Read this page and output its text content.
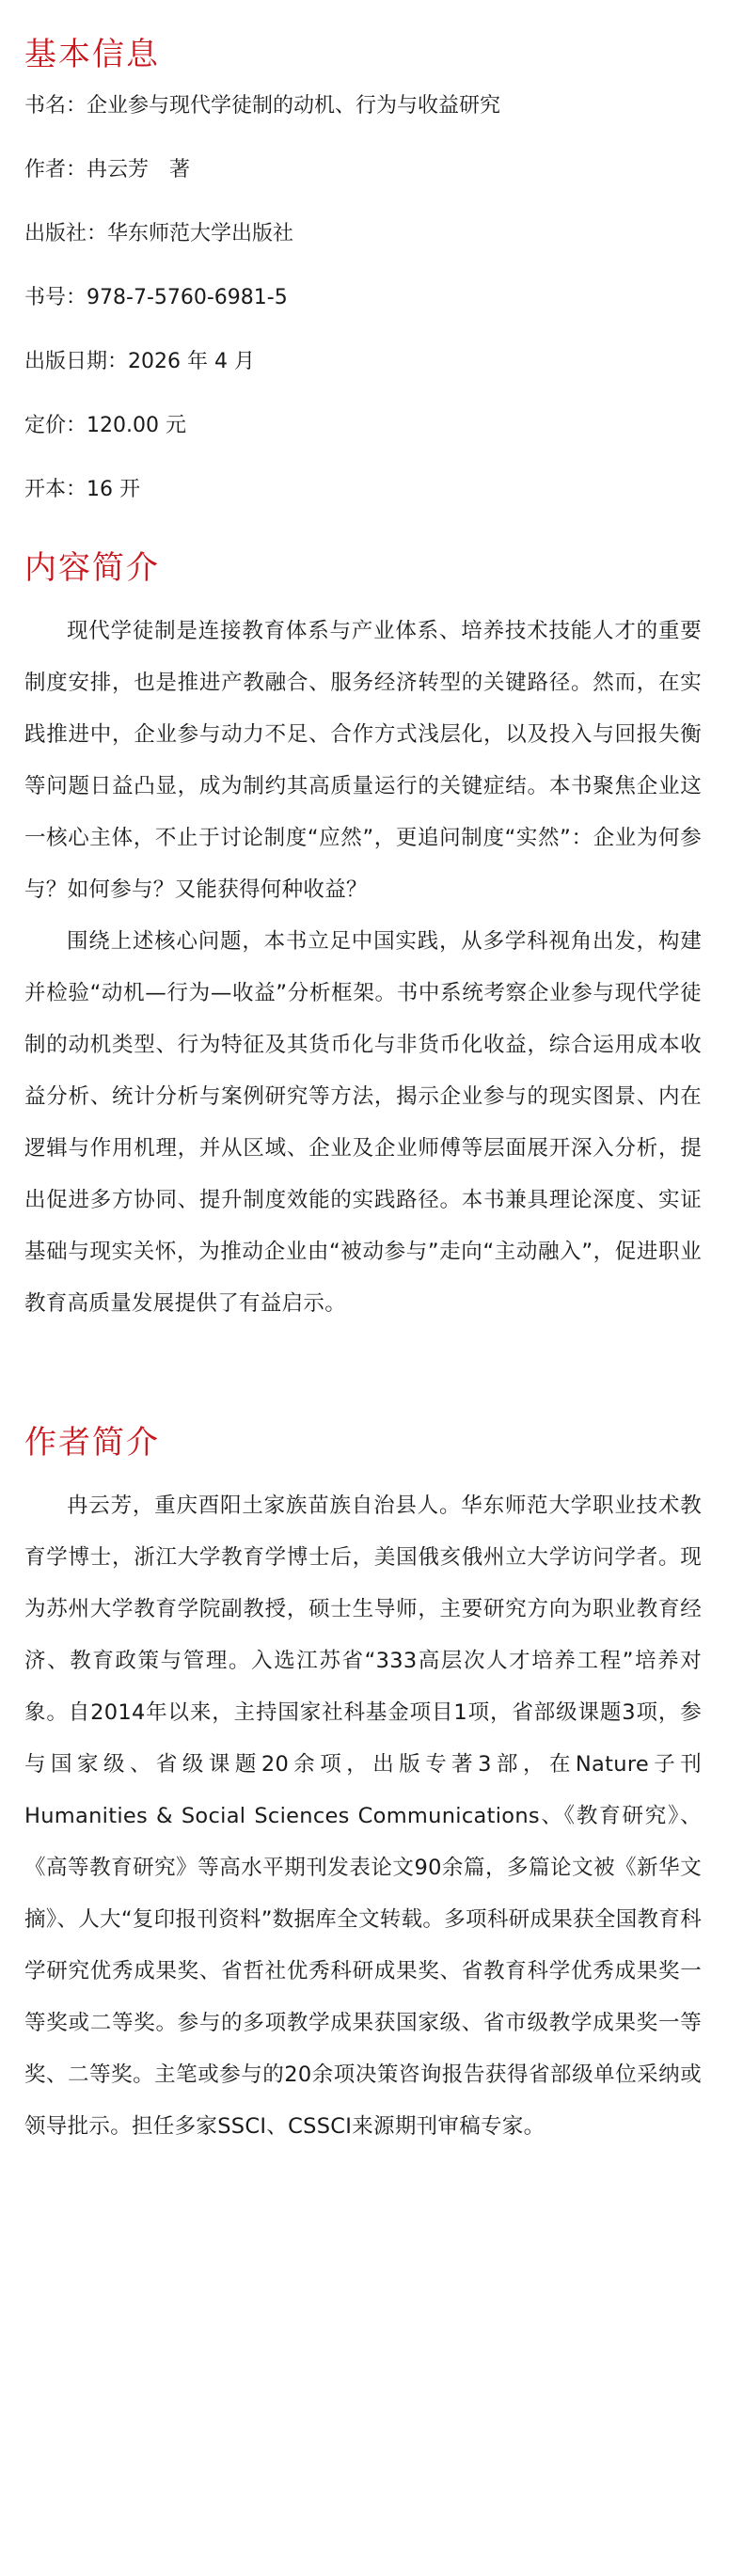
基本信息
书名：企业参与现代学徒制的动机、行为与收益研究
作者：冉云芳　著
出版社：华东师范大学出版社
书号：978-7-5760-6981-5
出版日期：2026 年 4 月
定价：120.00 元
开本：16 开
内容简介

现代学徒制是连接教育体系与产业体系、培养技术技能人才的重要制度安排，也是推进产教融合、服务经济转型的关键路径。然而，在实践推进中，企业参与动力不足、合作方式浅层化，以及投入与回报失衡等问题日益凸显，成为制约其高质量运行的关键症结。本书聚焦企业这一核心主体，不止于讨论制度“应然”，更追问制度“实然”：企业为何参与？如何参与？又能获得何种收益？

围绕上述核心问题，本书立足中国实践，从多学科视角出发，构建并检验“动机—行为—收益”分析框架。书中系统考察企业参与现代学徒制的动机类型、行为特征及其货币化与非货币化收益，综合运用成本收益分析、统计分析与案例研究等方法，揭示企业参与的现实图景、内在逻辑与作用机理，并从区域、企业及企业师傅等层面展开深入分析，提出促进多方协同、提升制度效能的实践路径。本书兼具理论深度、实证基础与现实关怀，为推动企业由“被动参与”走向“主动融入”，促进职业教育高质量发展提供了有益启示。

作者简介

冉云芳，重庆酉阳土家族苗族自治县人。华东师范大学职业技术教育学博士，浙江大学教育学博士后，美国俄亥俄州立大学访问学者。现为苏州大学教育学院副教授，硕士生导师，主要研究方向为职业教育经济、教育政策与管理。入选江苏省“333高层次人才培养工程”培养对象。自2014年以来，主持国家社科基金项目1项，省部级课题3项，参与国家级、省级课题20余项，出版专著3部，在Nature子刊Humanities & Social Sciences Communications、《教育研究》、《高等教育研究》等高水平期刊发表论文90余篇，多篇论文被《新华文摘》、人大“复印报刊资料”数据库全文转载。多项科研成果获全国教育科学研究优秀成果奖、省哲社优秀科研成果奖、省教育科学优秀成果奖一等奖或二等奖。参与的多项教学成果获国家级、省市级教学成果奖一等奖、二等奖。主笔或参与的20余项决策咨询报告获得省部级单位采纳或领导批示。担任多家SSCI、CSSCI来源期刊审稿专家。
